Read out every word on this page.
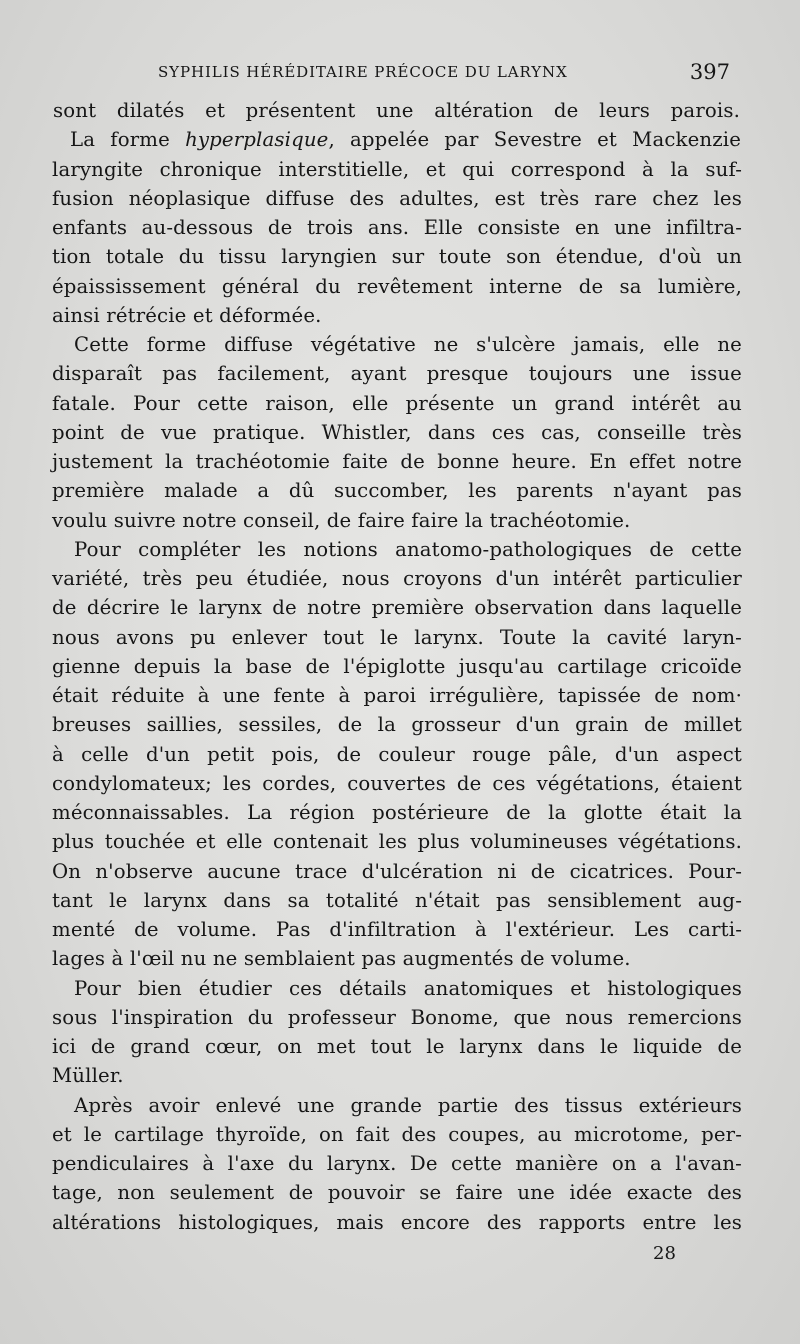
SYPHILIS HÉRÉDITAIRE PRÉCOCE DU LARYNX	397
sont dilatés et présentent une altération de leurs parois.
La forme hyperplasique, appelée par Sevestre et Mackenzie
laryngite chronique interstitielle, et qui correspond à la suf-
fusion néoplasique diffuse des adultes, est très rare chez les
enfants au-dessous de trois ans. Elle consiste en une infiltra-
tion totale du tissu laryngien sur toute son étendue, d'où un
épaississement général du revêtement interne de sa lumière,
ainsi rétrécie et déformée.
Cette forme diffuse végétative ne s'ulcère jamais, elle ne
disparaît pas facilement, ayant presque toujours une issue
fatale. Pour cette raison, elle présente un grand intérêt au
point de vue pratique. Whistler, dans ces cas, conseille très
justement la trachéotomie faite de bonne heure. En effet notre
première malade a dû succomber, les parents n'ayant pas
voulu suivre notre conseil, de faire faire la trachéotomie.
Pour compléter les notions anatomo-pathologiques de cette
variété, très peu étudiée, nous croyons d'un intérêt particulier
de décrire le larynx de notre première observation dans laquelle
nous avons pu enlever tout le larynx. Toute la cavité laryn-
gienne depuis la base de l'épiglotte jusqu'au cartilage cricoïde
était réduite à une fente à paroi irrégulière, tapissée de nom·
breuses saillies, sessiles, de la grosseur d'un grain de millet
à celle d'un petit pois, de couleur rouge pâle, d'un aspect
condylomateux; les cordes, couvertes de ces végétations, étaient
méconnaissables. La région postérieure de la glotte était la
plus touchée et elle contenait les plus volumineuses végétations.
On n'observe aucune trace d'ulcération ni de cicatrices. Pour-
tant le larynx dans sa totalité n'était pas sensiblement aug-
menté de volume. Pas d'infiltration à l'extérieur. Les carti-
lages à l'œil nu ne semblaient pas augmentés de volume.
Pour bien étudier ces détails anatomiques et histologiques
sous l'inspiration du professeur Bonome, que nous remercions
ici de grand cœur, on met tout le larynx dans le liquide de
Müller.
Après avoir enlevé une grande partie des tissus extérieurs
et le cartilage thyroïde, on fait des coupes, au microtome, per-
pendiculaires à l'axe du larynx. De cette manière on a l'avan-
tage, non seulement de pouvoir se faire une idée exacte des
altérations histologiques, mais encore des rapports entre les
28
